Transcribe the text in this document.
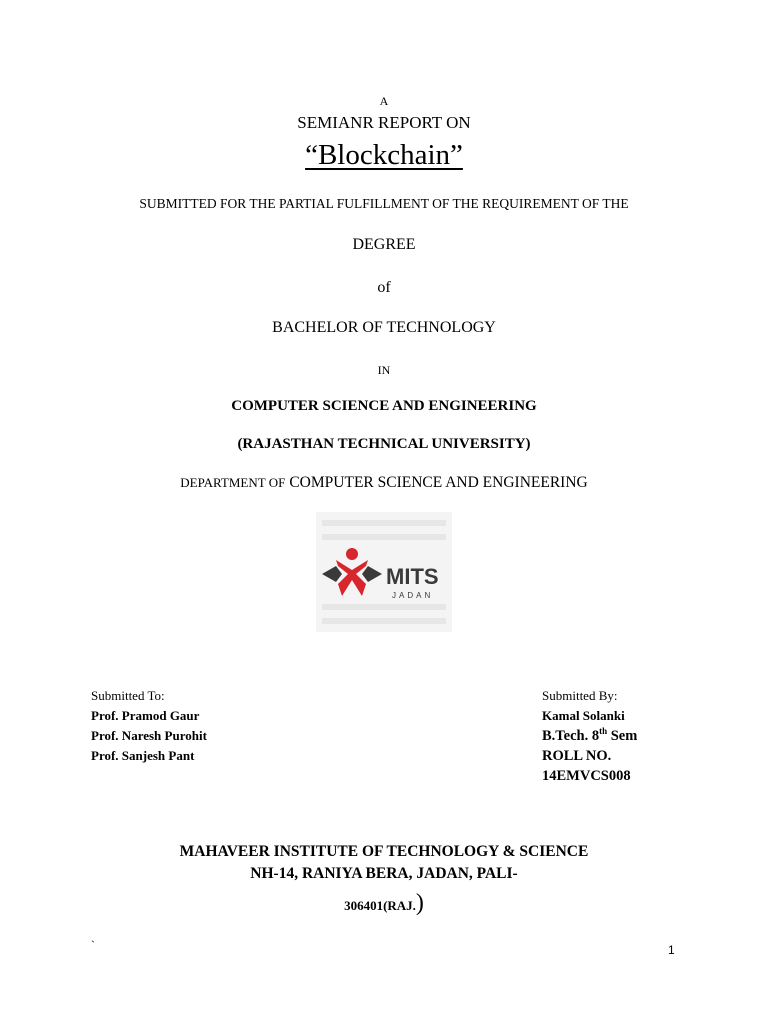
A
SEMIANR REPORT ON
“Blockchain”
SUBMITTED FOR THE PARTIAL FULFILLMENT OF THE REQUIREMENT OF THE
DEGREE
of
BACHELOR OF TECHNOLOGY
IN
COMPUTER SCIENCE AND ENGINEERING
(RAJASTHAN TECHNICAL UNIVERSITY)
DEPARTMENT OF COMPUTER SCIENCE AND ENGINEERING
MITS
JADAN
Submitted To:
Prof. Pramod Gaur
Prof. Naresh Purohit
Prof. Sanjesh Pant
Submitted By:
Kamal Solanki
B.Tech. 8th Sem
ROLL NO.
14EMVCS008
MAHAVEER INSTITUTE OF TECHNOLOGY & SCIENCE
NH-14, RANIYA BERA, JADAN, PALI-
306401(RAJ.)
`	1
